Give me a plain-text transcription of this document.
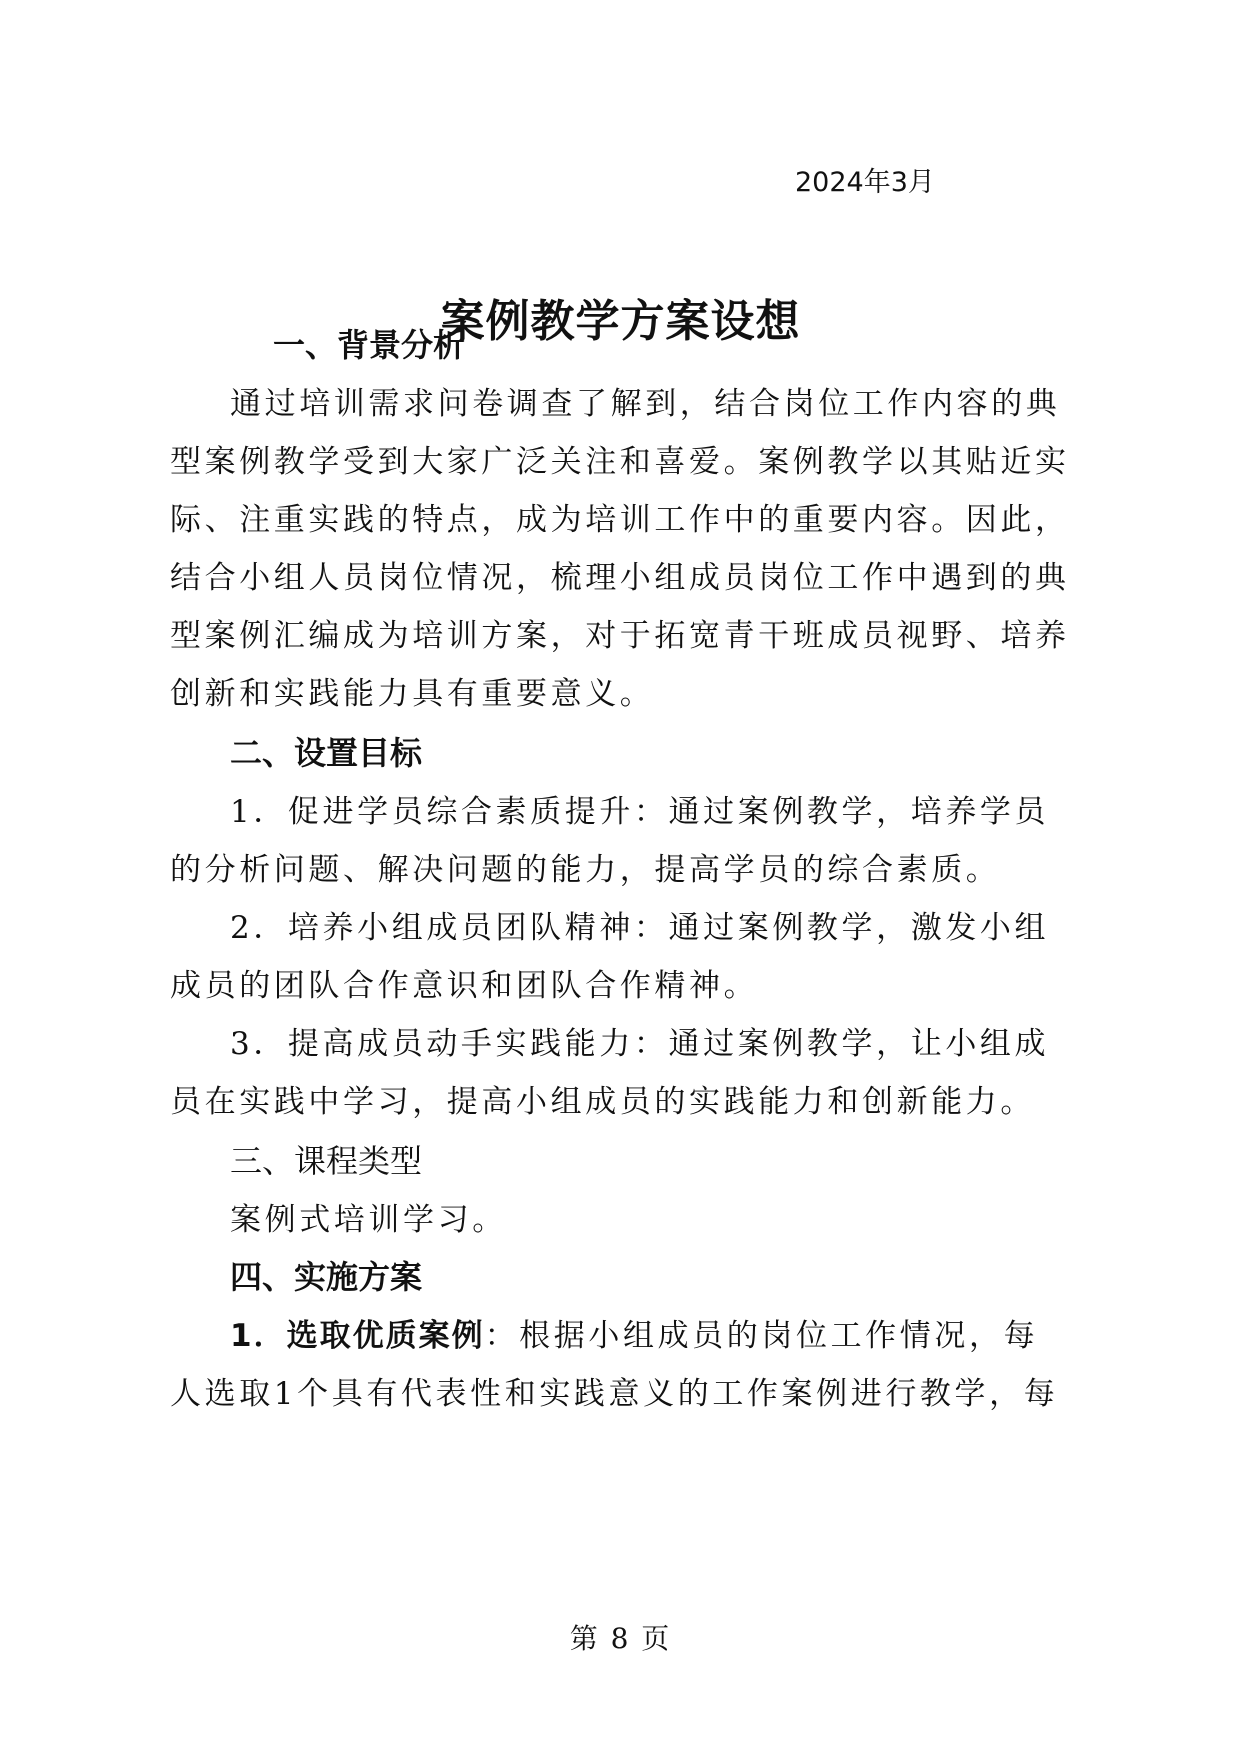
2024年3月
案例教学方案设想
一、背景分析
通过培训需求问卷调查了解到，结合岗位工作内容的典
型案例教学受到大家广泛关注和喜爱。案例教学以其贴近实
际、注重实践的特点，成为培训工作中的重要内容。因此，
结合小组人员岗位情况，梳理小组成员岗位工作中遇到的典
型案例汇编成为培训方案，对于拓宽青干班成员视野、培养
创新和实践能力具有重要意义。
二、设置目标
1．促进学员综合素质提升：通过案例教学，培养学员
的分析问题、解决问题的能力，提高学员的综合素质。
2．培养小组成员团队精神：通过案例教学，激发小组
成员的团队合作意识和团队合作精神。
3．提高成员动手实践能力：通过案例教学，让小组成
员在实践中学习，提高小组成员的实践能力和创新能力。
三、课程类型
案例式培训学习。
四、实施方案
1．选取优质案例：根据小组成员的岗位工作情况，每
人选取1个具有代表性和实践意义的工作案例进行教学，每
第 8 页
